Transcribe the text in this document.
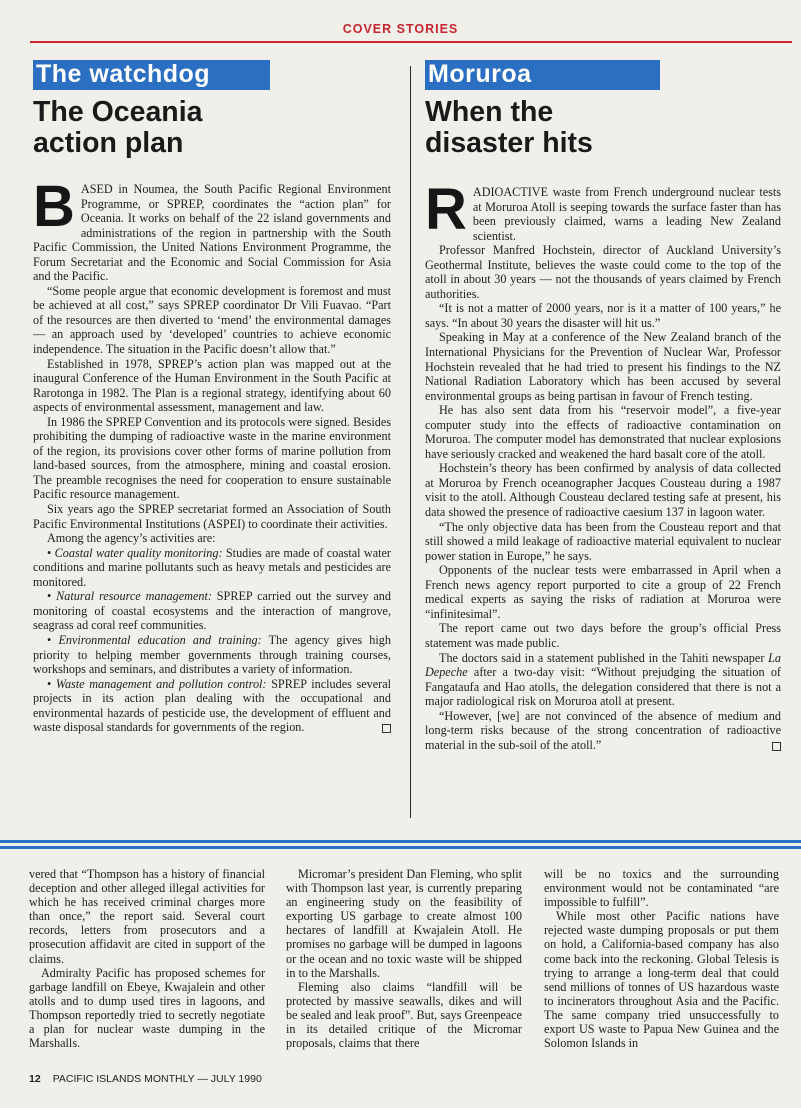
COVER STORIES
The watchdog
The Oceania
action plan

BASED in Noumea, the South Pacific Regional Environment Programme, or SPREP, coordinates the “action plan” for Oceania. It works on behalf of the 22 island governments and administrations of the region in partnership with the South Pacific Commission, the United Nations Environment Programme, the Forum Secretariat and the Economic and Social Commission for Asia and the Pacific.

“Some people argue that economic development is foremost and must be achieved at all cost,” says SPREP coordinator Dr Vili Fuavao. “Part of the resources are then diverted to ‘mend’ the environmental damages — an approach used by ‘developed’ countries to achieve economic independence. The situation in the Pacific doesn’t allow that.”

Established in 1978, SPREP’s action plan was mapped out at the inaugural Conference of the Human Environment in the South Pacific at Rarotonga in 1982. The Plan is a regional strategy, identifying about 60 aspects of environmental assessment, management and law.

In 1986 the SPREP Convention and its protocols were signed. Besides prohibiting the dumping of radioactive waste in the marine environment of the region, its provisions cover other forms of marine pollution from land-based sources, from the atmosphere, mining and coastal erosion. The preamble recognises the need for cooperation to ensure sustainable Pacific resource management.

Six years ago the SPREP secretariat formed an Association of South Pacific Environmental Institutions (ASPEI) to coordinate their activities.

Among the agency’s activities are:

• Coastal water quality monitoring: Studies are made of coastal water conditions and marine pollutants such as heavy metals and pesticides are monitored.

• Natural resource management: SPREP carried out the survey and monitoring of coastal ecosystems and the interaction of mangrove, seagrass ad coral reef communities.

• Environmental education and training: The agency gives high priority to helping member governments through training courses, workshops and seminars, and distributes a variety of information.

• Waste management and pollution control: SPREP includes several projects in its action plan dealing with the occupational and environmental hazards of pesticide use, the development of effluent and waste disposal standards for governments of the region.

Moruroa
When the
disaster hits

RADIOACTIVE waste from French underground nuclear tests at Moruroa Atoll is seeping towards the surface faster than has been previously claimed, warns a leading New Zealand scientist.

Professor Manfred Hochstein, director of Auckland University’s Geothermal Institute, believes the waste could come to the top of the atoll in about 30 years — not the thousands of years claimed by French authorities.

“It is not a matter of 2000 years, nor is it a matter of 100 years,” he says. “In about 30 years the disaster will hit us.”

Speaking in May at a conference of the New Zealand branch of the International Physicians for the Prevention of Nuclear War, Professor Hochstein revealed that he had tried to present his findings to the NZ National Radiation Laboratory which has been accused by several environmental groups as being partisan in favour of French testing.

He has also sent data from his “reservoir model”, a five-year computer study into the effects of radioactive contamination on Moruroa. The computer model has demonstrated that nuclear explosions have seriously cracked and weakened the hard basalt core of the atoll.

Hochstein’s theory has been confirmed by analysis of data collected at Moruroa by French oceanographer Jacques Cousteau during a 1987 visit to the atoll. Although Cousteau declared testing safe at present, his data showed the presence of radioactive caesium 137 in lagoon water.

“The only objective data has been from the Cousteau report and that still showed a mild leakage of radioactive material equivalent to nuclear power station in Europe,” he says.

Opponents of the nuclear tests were embarrassed in April when a French news agency report purported to cite a group of 22 French medical experts as saying the risks of radiation at Moruroa were “infinitesimal”.

The report came out two days before the group’s official Press statement was made public.

The doctors said in a statement published in the Tahiti newspaper La Depeche after a two-day visit: “Without prejudging the situation of Fangataufa and Hao atolls, the delegation considered that there is not a major radiological risk on Moruroa atoll at present.

“However, [we] are not convinced of the absence of medium and long-term risks because of the strong concentration of radioactive material in the sub-soil of the atoll.”

vered that “Thompson has a history of financial deception and other alleged illegal activities for which he has received criminal charges more than once,” the report said. Several court records, letters from prosecutors and a prosecution affidavit are cited in support of the claims.

Admiralty Pacific has proposed schemes for garbage landfill on Ebeye, Kwajalein and other atolls and to dump used tires in lagoons, and Thompson reportedly tried to secretly negotiate a plan for nuclear waste dumping in the Marshalls.

Micromar’s president Dan Fleming, who split with Thompson last year, is currently preparing an engineering study on the feasibility of exporting US garbage to create almost 100 hectares of landfill at Kwajalein Atoll. He promises no garbage will be dumped in lagoons or the ocean and no toxic waste will be shipped in to the Marshalls.

Fleming also claims “landfill will be protected by massive seawalls, dikes and will be sealed and leak proof”. But, says Greenpeace in its detailed critique of the Micromar proposals, claims that there

will be no toxics and the surrounding environment would not be contaminated “are impossible to fulfill”.

While most other Pacific nations have rejected waste dumping proposals or put them on hold, a California-based company has also come back into the reckoning. Global Telesis is trying to arrange a long-term deal that could send millions of tonnes of US hazardous waste to incinerators throughout Asia and the Pacific. The same company tried unsuccessfully to export US waste to Papua New Guinea and the Solomon Islands in

12 PACIFIC ISLANDS MONTHLY — JULY 1990
